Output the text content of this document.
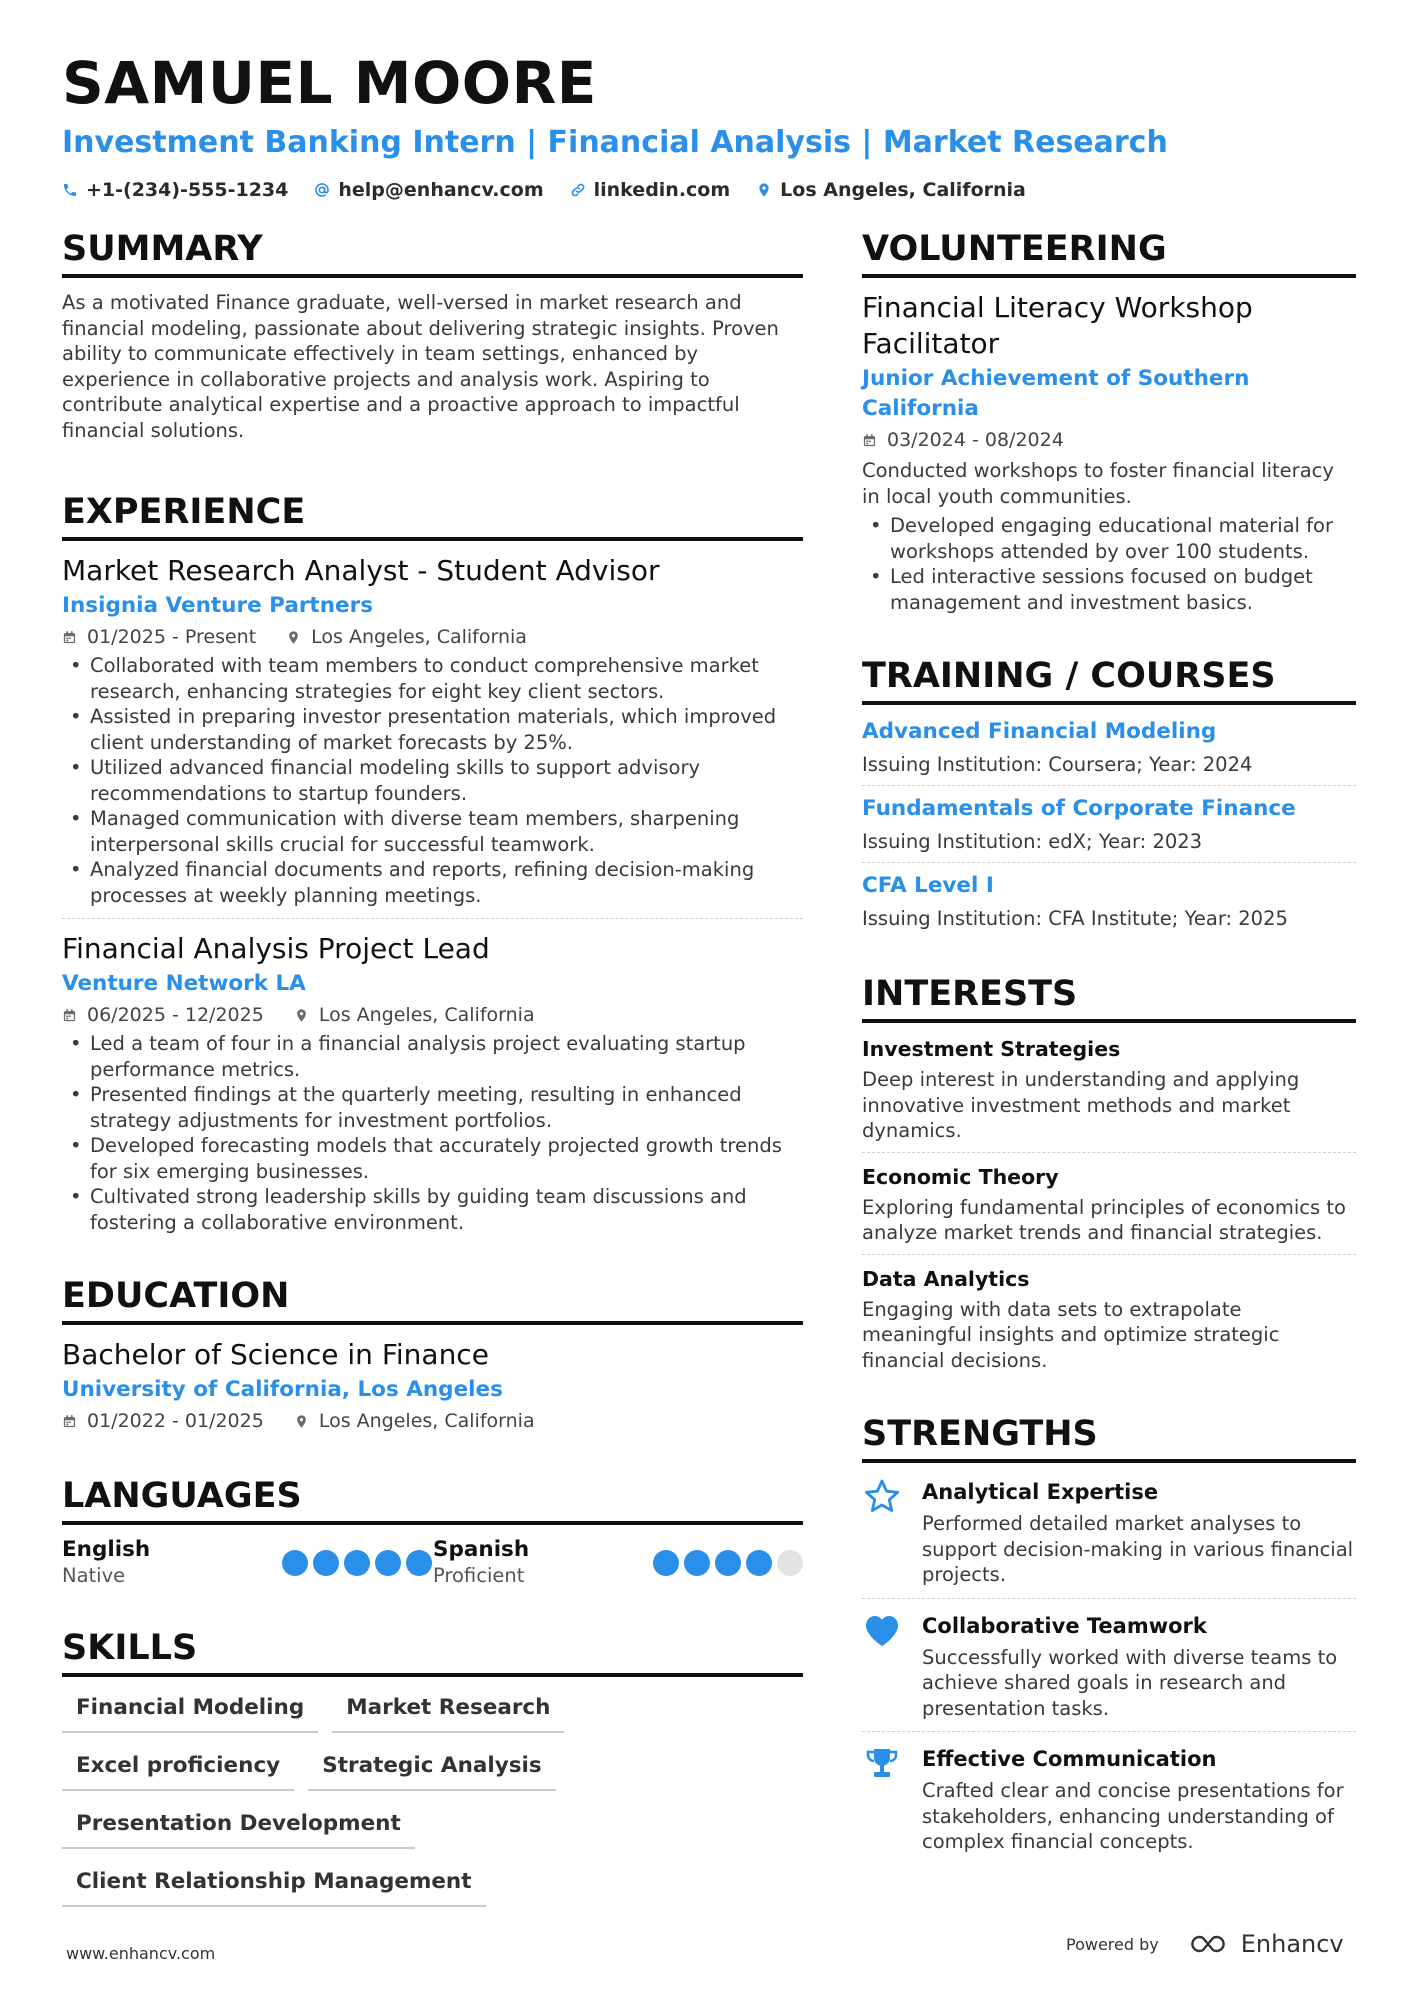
SAMUEL MOORE
Investment Banking Intern | Financial Analysis | Market Research
+1-(234)-555-1234	help@enhancv.com	linkedin.com	Los Angeles, California
SUMMARY
As a motivated Finance graduate, well-versed in market research and financial modeling, passionate about delivering strategic insights. Proven ability to communicate effectively in team settings, enhanced by experience in collaborative projects and analysis work. Aspiring to contribute analytical expertise and a proactive approach to impactful financial solutions.
EXPERIENCE
Market Research Analyst - Student Advisor
Insignia Venture Partners
01/2025 - Present	Los Angeles, California
• Collaborated with team members to conduct comprehensive market research, enhancing strategies for eight key client sectors.
• Assisted in preparing investor presentation materials, which improved client understanding of market forecasts by 25%.
• Utilized advanced financial modeling skills to support advisory recommendations to startup founders.
• Managed communication with diverse team members, sharpening interpersonal skills crucial for successful teamwork.
• Analyzed financial documents and reports, refining decision-making processes at weekly planning meetings.
Financial Analysis Project Lead
Venture Network LA
06/2025 - 12/2025	Los Angeles, California
• Led a team of four in a financial analysis project evaluating startup performance metrics.
• Presented findings at the quarterly meeting, resulting in enhanced strategy adjustments for investment portfolios.
• Developed forecasting models that accurately projected growth trends for six emerging businesses.
• Cultivated strong leadership skills by guiding team discussions and fostering a collaborative environment.
EDUCATION
Bachelor of Science in Finance
University of California, Los Angeles
01/2022 - 01/2025	Los Angeles, California
LANGUAGES
English
Native
Spanish
Proficient
SKILLS
Financial Modeling	Market Research
Excel proficiency	Strategic Analysis
Presentation Development
Client Relationship Management
VOLUNTEERING
Financial Literacy Workshop Facilitator
Junior Achievement of Southern California
03/2024 - 08/2024
Conducted workshops to foster financial literacy in local youth communities.
• Developed engaging educational material for workshops attended by over 100 students.
• Led interactive sessions focused on budget management and investment basics.
TRAINING / COURSES
Advanced Financial Modeling
Issuing Institution: Coursera; Year: 2024
Fundamentals of Corporate Finance
Issuing Institution: edX; Year: 2023
CFA Level I
Issuing Institution: CFA Institute; Year: 2025
INTERESTS
Investment Strategies
Deep interest in understanding and applying innovative investment methods and market dynamics.
Economic Theory
Exploring fundamental principles of economics to analyze market trends and financial strategies.
Data Analytics
Engaging with data sets to extrapolate meaningful insights and optimize strategic financial decisions.
STRENGTHS
Analytical Expertise
Performed detailed market analyses to support decision-making in various financial projects.
Collaborative Teamwork
Successfully worked with diverse teams to achieve shared goals in research and presentation tasks.
Effective Communication
Crafted clear and concise presentations for stakeholders, enhancing understanding of complex financial concepts.
www.enhancv.com	Powered by	Enhancv
